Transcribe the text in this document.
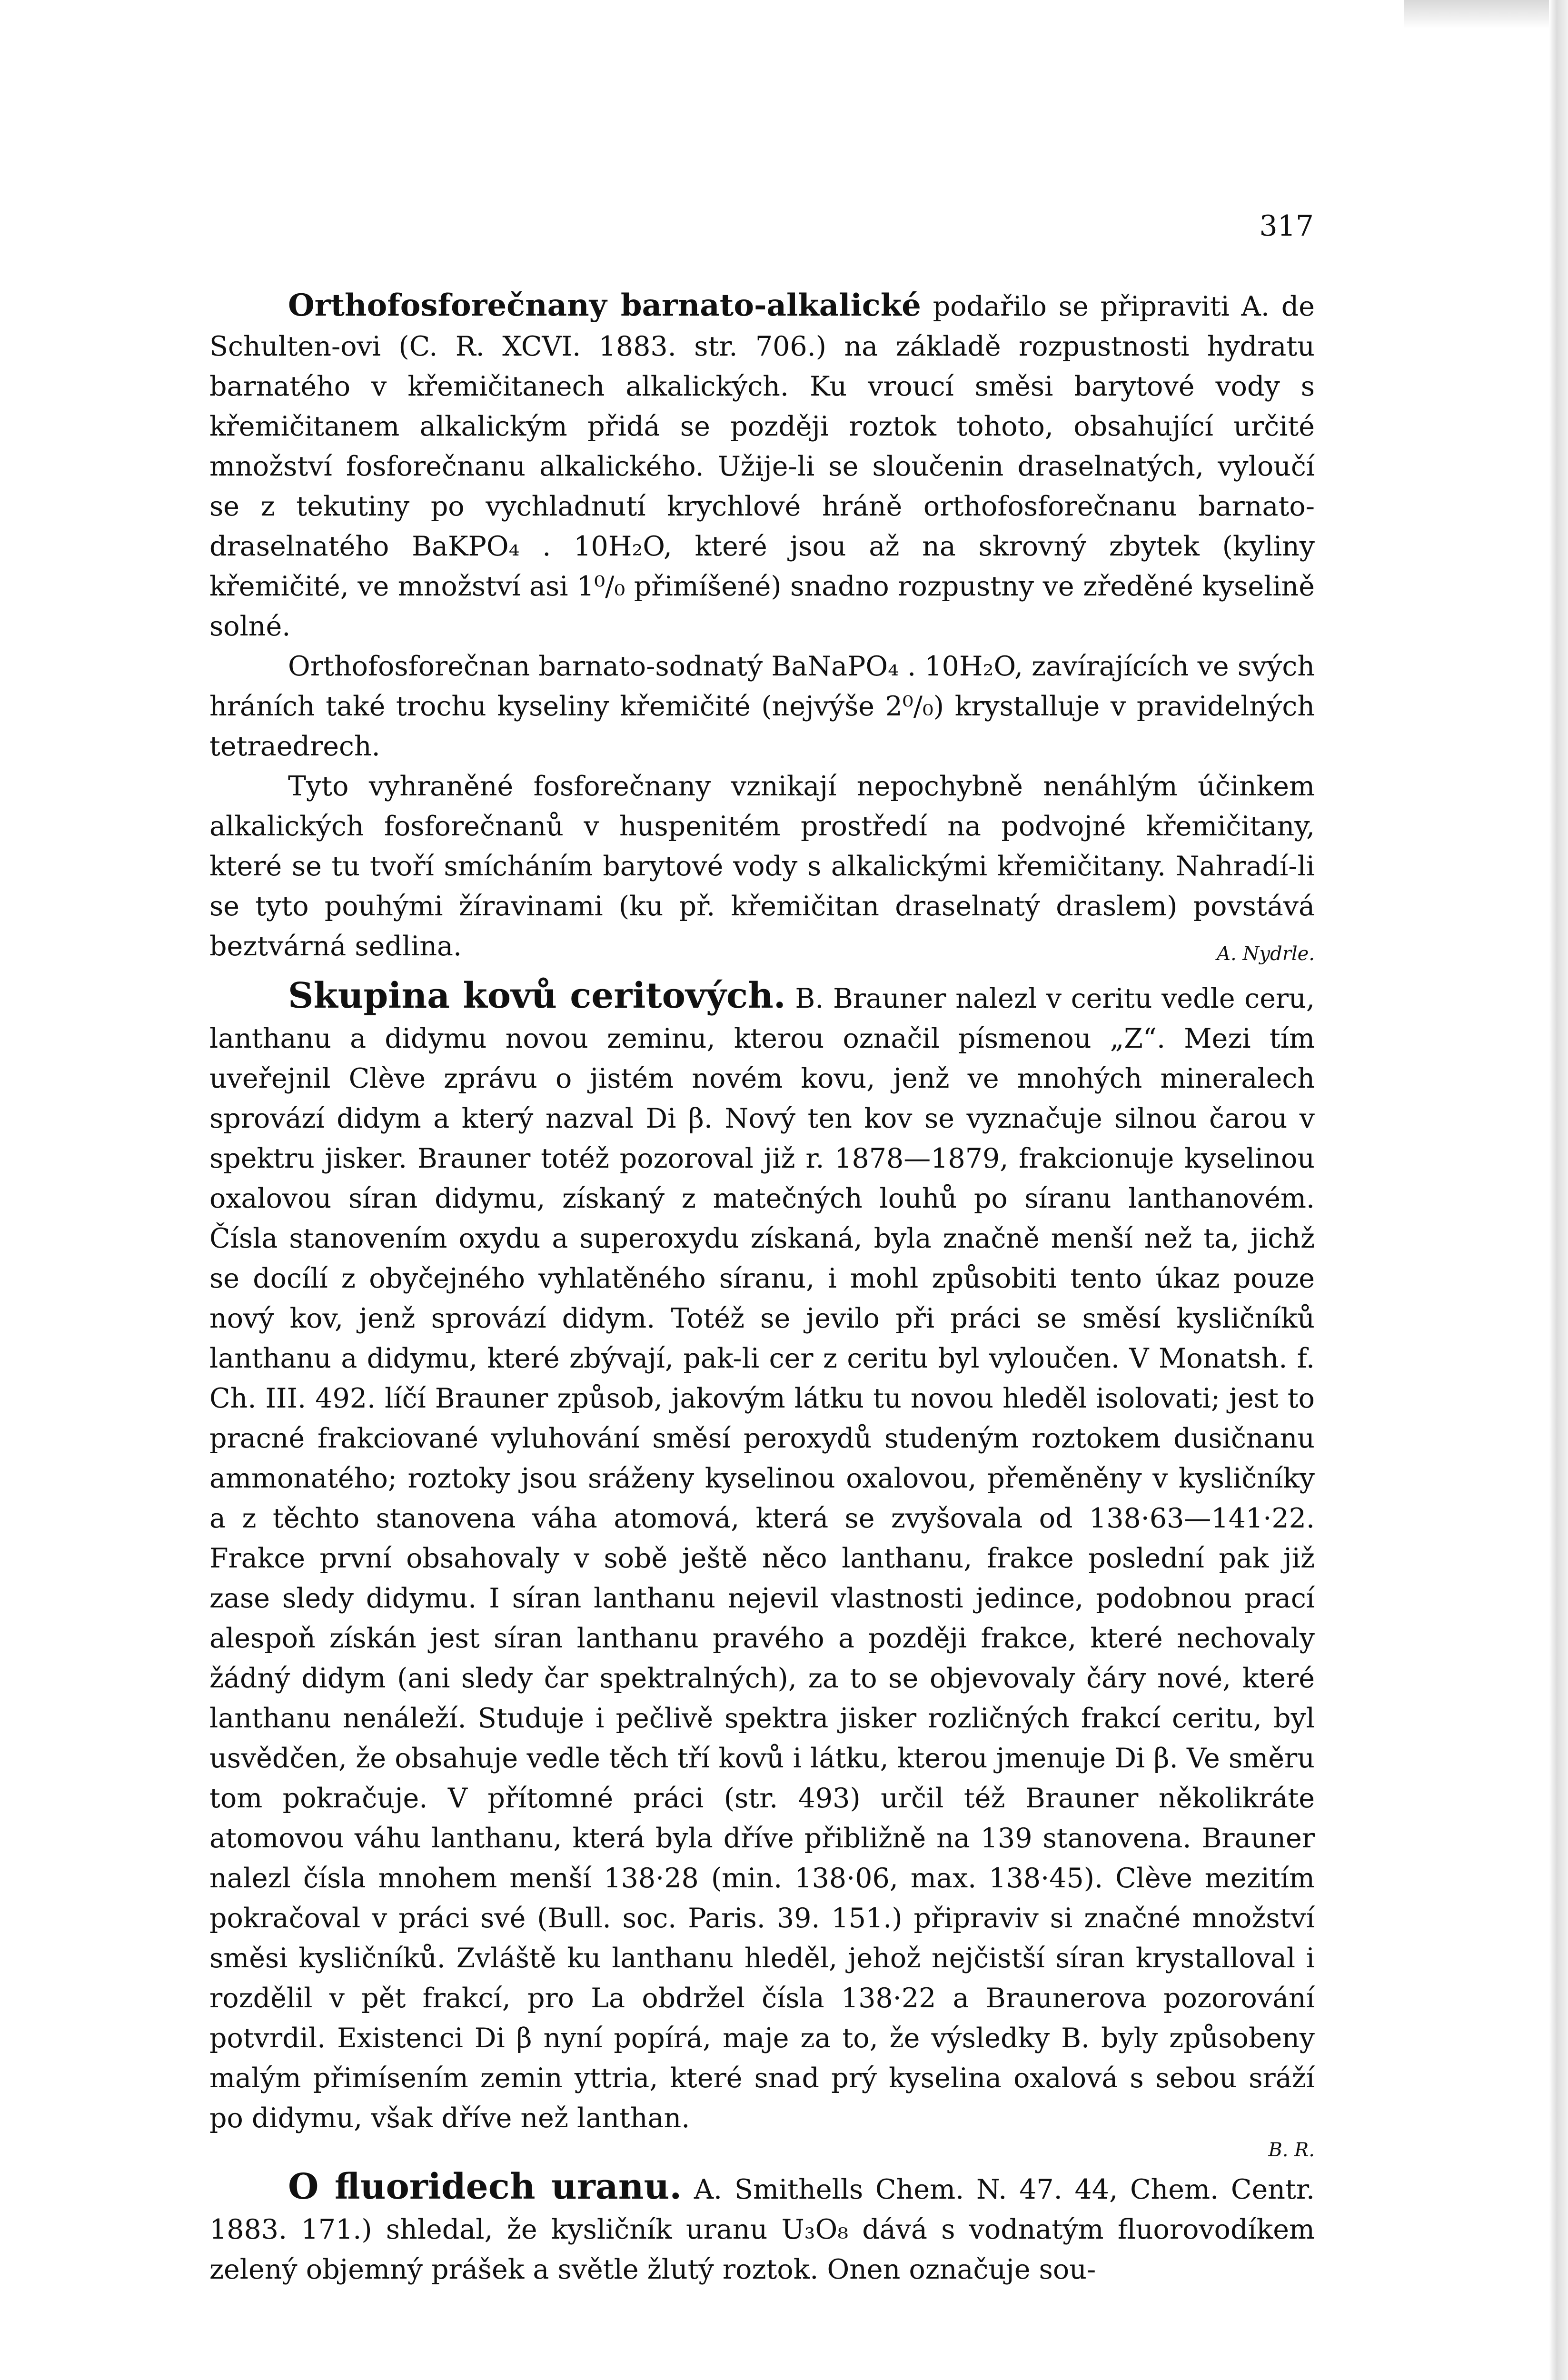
317

Orthofosforečnany barnato-alkalické podařilo se připraviti A. de Schulten-ovi (C. R. XCVI. 1883. str. 706.) na základě rozpustnosti hydratu barnatého v křemičitanech alkalických. Ku vroucí směsi barytové vody s křemičitanem alkalickým přidá se později roztok tohoto, obsahující určité množství fosforečnanu alkalického. Užije-li se sloučenin draselnatých, vyloučí se z tekutiny po vychladnutí krychlové hráně orthofosforečnanu barnato-draselnatého BaKPO₄ . 10H₂O, které jsou až na skrovný zbytek (kyliny křemičité, ve množství asi 1⁰/₀ přimíšené) snadno rozpustny ve zředěné kyselině solné.

Orthofosforečnan barnato-sodnatý BaNaPO₄ . 10H₂O, zavírajících ve svých hráních také trochu kyseliny křemičité (nejvýše 2⁰/₀) krystalluje v pravidelných tetraedrech.

Tyto vyhraněné fosforečnany vznikají nepochybně nenáhlým účinkem alkalických fosforečnanů v huspenitém prostředí na podvojné křemičitany, které se tu tvoří smícháním barytové vody s alkalickými křemičitany. Nahradí-li se tyto pouhými žíravinami (ku př. křemičitan draselnatý draslem) povstává beztvárná sedlina.	A. Nydrle.

Skupina kovů ceritových. B. Brauner nalezl v ceritu vedle ceru, lanthanu a didymu novou zeminu, kterou označil písmenou „Z“. Mezi tím uveřejnil Clève zprávu o jistém novém kovu, jenž ve mnohých mineralech sprovází didym a který nazval Di β. Nový ten kov se vyznačuje silnou čarou v spektru jisker. Brauner totéž pozoroval již r. 1878—1879, frakcionuje kyselinou oxalovou síran didymu, získaný z matečných louhů po síranu lanthanovém. Čísla stanovením oxydu a superoxydu získaná, byla značně menší než ta, jichž se docílí z obyčejného vyhlatěného síranu, i mohl způsobiti tento úkaz pouze nový kov, jenž sprovází didym. Totéž se jevilo při práci se směsí kysličníků lanthanu a didymu, které zbývají, pak-li cer z ceritu byl vyloučen. V Monatsh. f. Ch. III. 492. líčí Brauner způsob, jakovým látku tu novou hleděl isolovati; jest to pracné frakciované vyluhování směsí peroxydů studeným roztokem dusičnanu ammonatého; roztoky jsou sráženy kyselinou oxalovou, přeměněny v kysličníky a z těchto stanovena váha atomová, která se zvyšovala od 138·63—141·22. Frakce první obsahovaly v sobě ještě něco lanthanu, frakce poslední pak již zase sledy didymu. I síran lanthanu nejevil vlastnosti jedince, podobnou prací alespoň získán jest síran lanthanu pravého a později frakce, které nechovaly žádný didym (ani sledy čar spektralných), za to se objevovaly čáry nové, které lanthanu nenáleží. Studuje i pečlivě spektra jisker rozličných frakcí ceritu, byl usvědčen, že obsahuje vedle těch tří kovů i látku, kterou jmenuje Di β. Ve směru tom pokračuje. V přítomné práci (str. 493) určil též Brauner několikráte atomovou váhu lanthanu, která byla dříve přibližně na 139 stanovena. Brauner nalezl čísla mnohem menší 138·28 (min. 138·06, max. 138·45). Clève mezitím pokračoval v práci své (Bull. soc. Paris. 39. 151.) připraviv si značné množství směsi kysličníků. Zvláště ku lanthanu hleděl, jehož nejčistší síran krystalloval i rozdělil v pět frakcí, pro La obdržel čísla 138·22 a Braunerova pozorování potvrdil. Existenci Di β nyní popírá, maje za to, že výsledky B. byly způsobeny malým přimísením zemin yttria, které snad prý kyselina oxalová s sebou sráží po didymu, však dříve než lanthan.

B. R.

O fluoridech uranu. A. Smithells Chem. N. 47. 44, Chem. Centr. 1883. 171.) shledal, že kysličník uranu U₃O₈ dává s vodnatým fluorovodíkem zelený objemný prášek a světle žlutý roztok. Onen označuje sou-
